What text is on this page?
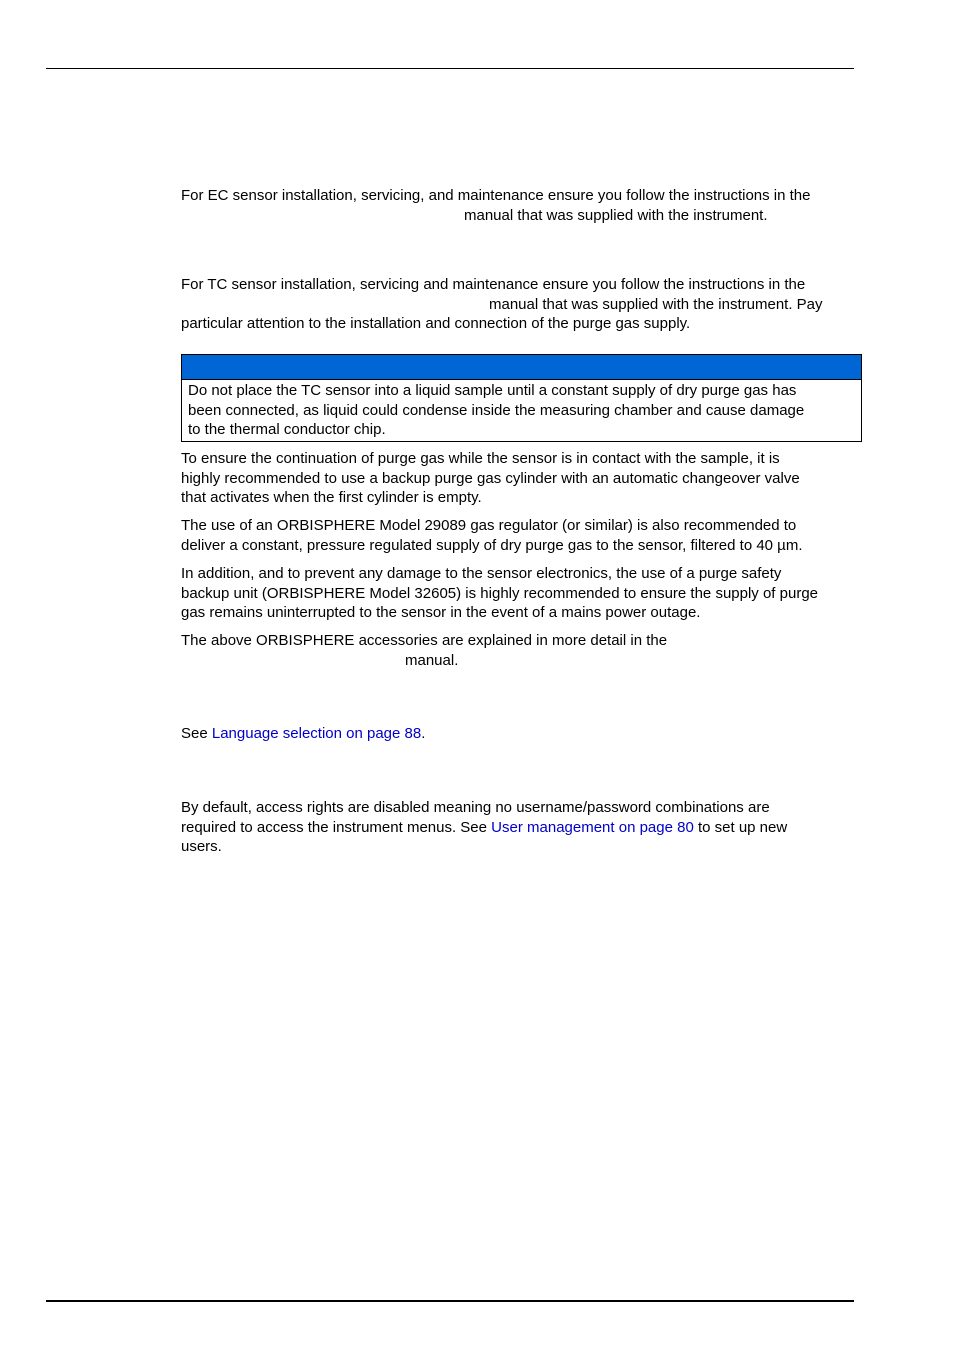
For EC sensor installation, servicing, and maintenance ensure you follow the instructions in the
manual that was supplied with the instrument.

For TC sensor installation, servicing and maintenance ensure you follow the instructions in the
manual that was supplied with the instrument. Pay
particular attention to the installation and connection of the purge gas supply.

Do not place the TC sensor into a liquid sample until a constant supply of dry purge gas has
been connected, as liquid could condense inside the measuring chamber and cause damage
to the thermal conductor chip.

To ensure the continuation of purge gas while the sensor is in contact with the sample, it is
highly recommended to use a backup purge gas cylinder with an automatic changeover valve
that activates when the first cylinder is empty.

The use of an ORBISPHERE Model 29089 gas regulator (or similar) is also recommended to
deliver a constant, pressure regulated supply of dry purge gas to the sensor, filtered to 40 µm.

In addition, and to prevent any damage to the sensor electronics, the use of a purge safety
backup unit (ORBISPHERE Model 32605) is highly recommended to ensure the supply of purge
gas remains uninterrupted to the sensor in the event of a mains power outage.

The above ORBISPHERE accessories are explained in more detail in the
manual.

See Language selection on page 88.

By default, access rights are disabled meaning no username/password combinations are
required to access the instrument menus. See User management on page 80 to set up new
users.
